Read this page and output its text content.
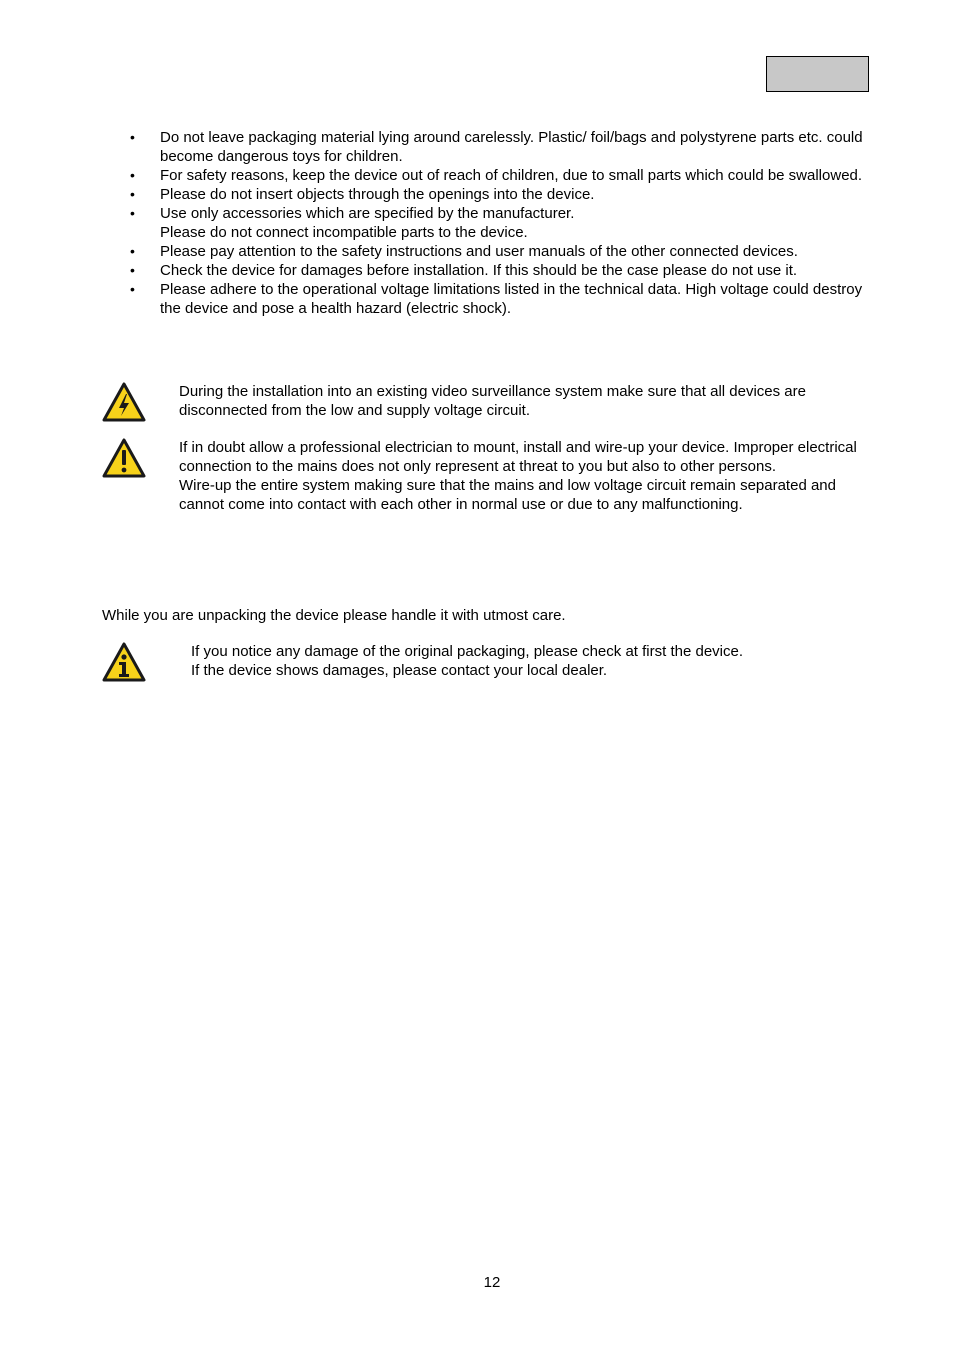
• Do not leave packaging material lying around carelessly. Plastic/ foil/bags and polystyrene parts etc. could become dangerous toys for children.
• For safety reasons, keep the device out of reach of children, due to small parts which could be swallowed.
• Please do not insert objects through the openings into the device.
• Use only accessories which are specified by the manufacturer.
Please do not connect incompatible parts to the device.
• Please pay attention to the safety instructions and user manuals of the other connected devices.
• Check the device for damages before installation. If this should be the case please do not use it.
• Please adhere to the operational voltage limitations listed in the technical data. High voltage could destroy the device and pose a health hazard (electric shock).
During the installation into an existing video surveillance system make sure that all devices are disconnected from the low and supply voltage circuit.
If in doubt allow a professional electrician to mount, install and wire-up your device. Improper electrical connection to the mains does not only represent at threat to you but also to other persons.
Wire-up the entire system making sure that the mains and low voltage circuit remain separated and cannot come into contact with each other in normal use or due to any malfunctioning.
While you are unpacking the device please handle it with utmost care.
If you notice any damage of the original packaging, please check at first the device.
If the device shows damages, please contact your local dealer.
12
